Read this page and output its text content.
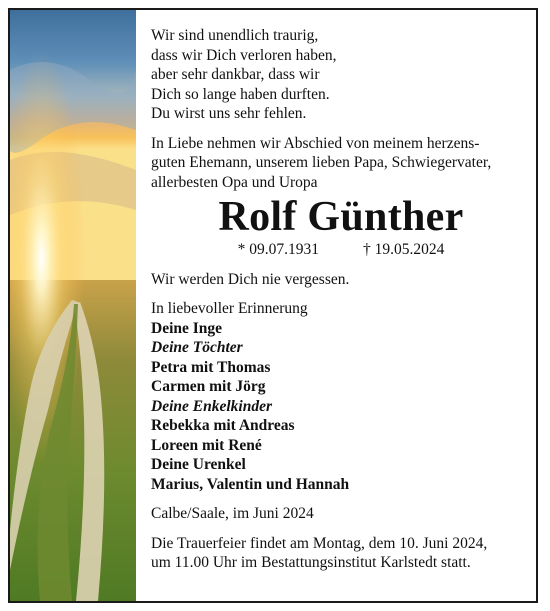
Wir sind unendlich traurig,
dass wir Dich verloren haben,
aber sehr dankbar, dass wir
Dich so lange haben durften.
Du wirst uns sehr fehlen.

In Liebe nehmen wir Abschied von meinem herzens-
guten Ehemann, unserem lieben Papa, Schwiegervater,
allerbesten Opa und Uropa

Rolf Günther

* 09.07.1931	† 19.05.2024

Wir werden Dich nie vergessen.

In liebevoller Erinnerung

Deine Inge
Deine Töchter
Petra mit Thomas
Carmen mit Jörg
Deine Enkelkinder
Rebekka mit Andreas
Loreen mit René
Deine Urenkel
Marius, Valentin und Hannah

Calbe/Saale, im Juni 2024

Die Trauerfeier findet am Montag, dem 10. Juni 2024,
um 11.00 Uhr im Bestattungsinstitut Karlstedt statt.
